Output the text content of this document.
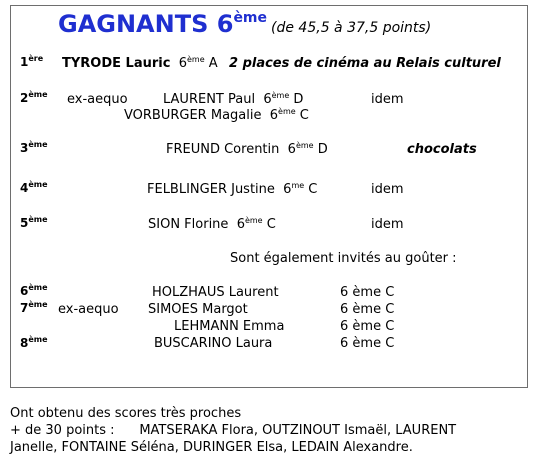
GAGNANTS 6ème(de 45,5 à 37,5 points)
1ère TYRODE Lauric 6ème A 2 places de cinéma au Relais culturel
2ème ex-aequo	LAURENT Paul 6ème D	idem
VORBURGER Magalie 6ème C
3ème	FREUND Corentin 6ème D	chocolats
4ème	FELBLINGER Justine $6^{me}$ C	idem
5ème	SION Florine 6ème C	idem
Sont également invités au goûter :
6ème	HOLZHAUS Laurent	6 ème C
7ème ex-aequo SIMOES Margot	6 ème C
LEHMANN Emma	6 ème C
8ème	BUSCARINO Laura	6 ème C
Ont obtenu des scores très proches
+ de 30 points :      MATSERAKA Flora, OUTZINOUT Ismaël, LAURENT
Janelle, FONTAINE Séléna, DURINGER Elsa, LEDAIN Alexandre.
